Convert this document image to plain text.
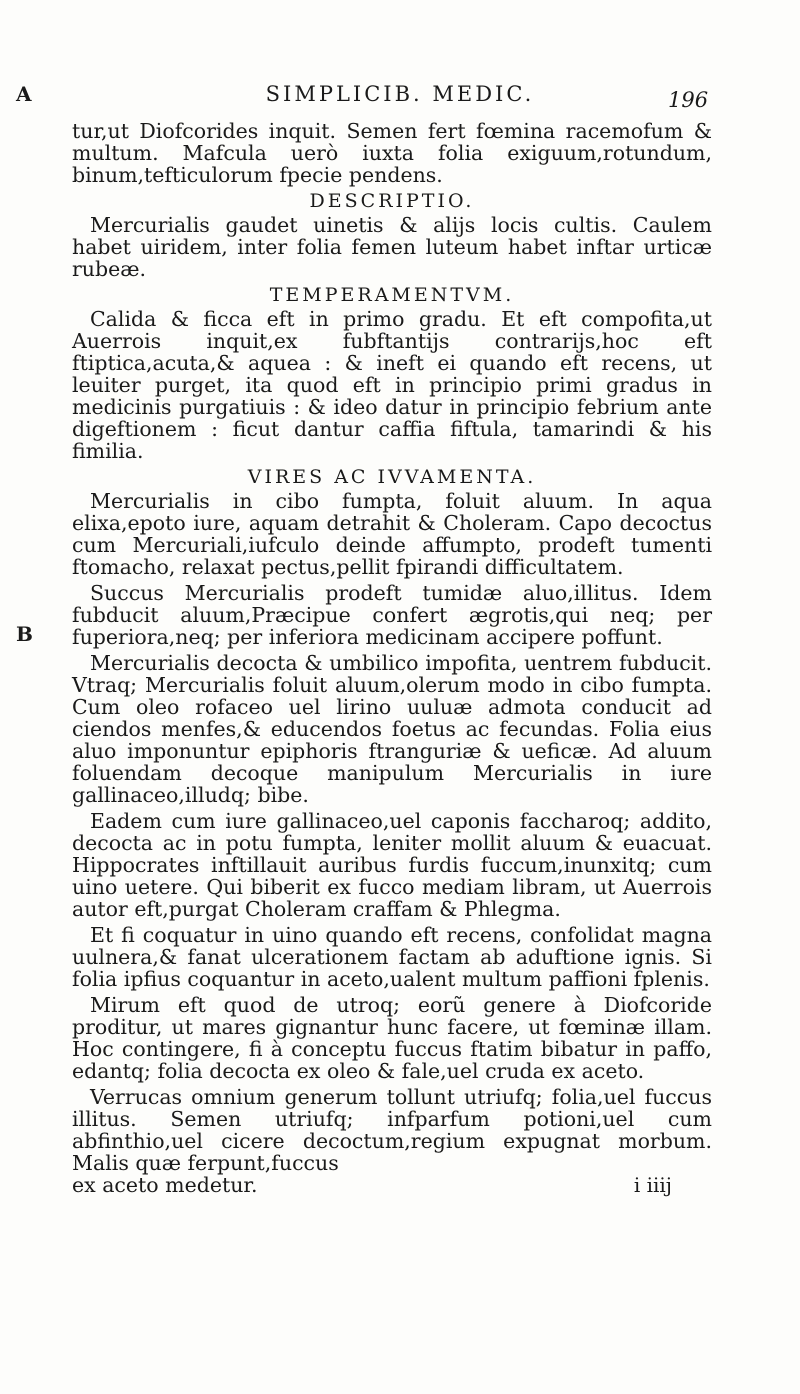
SIMPLICIB. MEDIC.	196
A
B

tur,ut Diofcorides inquit. Semen fert fœmina racemofum & multum. Mafcula uerò iuxta folia exiguum,rotundum, binum,tefticulorum fpecie pendens.

DESCRIPTIO.

Mercurialis gaudet uinetis & alijs locis cultis. Caulem habet uiridem, inter folia femen luteum habet inftar urticæ rubeæ.

TEMPERAMENTVM.

Calida & ficca eft in primo gradu. Et eft compofita,ut Auerrois inquit,ex fubftantijs contrarijs,hoc eft ftiptica,acuta,& aquea : & ineft ei quando eft recens, ut leuiter purget, ita quod eft in principio primi gradus in medicinis purgatiuis : & ideo datur in principio febrium ante digeftionem : ficut dantur caffia fiftula, tamarindi & his fimilia.

VIRES AC IVVAMENTA.

Mercurialis in cibo fumpta, foluit aluum. In aqua elixa,epoto iure, aquam detrahit & Choleram. Capo decoctus cum Mercuriali,iufculo deinde affumpto, prodeft tumenti ftomacho, relaxat pectus,pellit fpirandi difficultatem.

Succus Mercurialis prodeft tumidæ aluo,illitus. Idem fubducit aluum,Præcipue confert ægrotis,qui neq; per fuperiora,neq; per inferiora medicinam accipere poffunt.

Mercurialis decocta & umbilico impofita, uentrem fubducit. Vtraq; Mercurialis foluit aluum,olerum modo in cibo fumpta. Cum oleo rofaceo uel lirino uuluæ admota conducit ad ciendos menfes,& educendos foetus ac fecundas. Folia eius aluo imponuntur epiphoris ftranguriæ & ueficæ. Ad aluum foluendam decoque manipulum Mercurialis in iure gallinaceo,illudq; bibe.

Eadem cum iure gallinaceo,uel caponis faccharoq; addito, decocta ac in potu fumpta, leniter mollit aluum & euacuat. Hippocrates inftillauit auribus furdis fuccum,inunxitq; cum uino uetere. Qui biberit ex fucco mediam libram, ut Auerrois autor eft,purgat Choleram craffam & Phlegma.

Et fi coquatur in uino quando eft recens, confolidat magna uulnera,& fanat ulcerationem factam ab aduftione ignis. Si folia ipfius coquantur in aceto,ualent multum paffioni fplenis.

Mirum eft quod de utroq; eorũ genere à Diofcoride proditur, ut mares gignantur hunc facere, ut fœminæ illam. Hoc contingere, fi à conceptu fuccus ftatim bibatur in paffo, edantq; folia decocta ex oleo & fale,uel cruda ex aceto.

Verrucas omnium generum tollunt utriufq; folia,uel fuccus illitus. Semen utriufq; infparfum potioni,uel cum abfinthio,uel cicere decoctum,regium expugnat morbum. Malis quæ ferpunt,fuccus

ex aceto medetur.	i iiij
